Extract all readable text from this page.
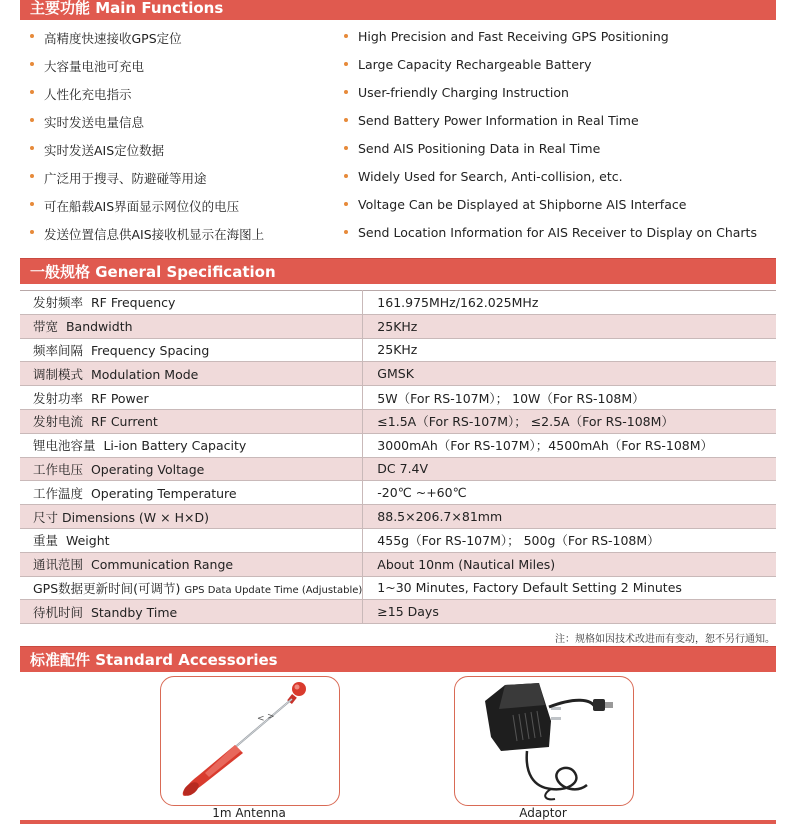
主要功能 Main Functions
高精度快速接收GPS定位	High Precision and Fast Receiving GPS Positioning
大容量电池可充电	Large Capacity Rechargeable Battery
人性化充电指示	User-friendly Charging Instruction
实时发送电量信息	Send Battery Power Information in Real Time
实时发送AIS定位数据	Send AIS Positioning Data in Real Time
广泛用于搜寻、防避碰等用途	Widely Used for Search, Anti-collision, etc.
可在船载AIS界面显示网位仪的电压	Voltage Can be Displayed at Shipborne AIS Interface
发送位置信息供AIS接收机显示在海图上	Send Location Information for AIS Receiver to Display on Charts
一般规格 General Specification
发射频率 RF Frequency	161.975MHz/162.025MHz
带宽 Bandwidth	25KHz
频率间隔 Frequency Spacing	25KHz
调制模式 Modulation Mode	GMSK
发射功率 RF Power	5W（For RS-107M）； 10W（For RS-108M）
发射电流 RF Current	≤1.5A（For RS-107M）； ≤2.5A（For RS-108M）
锂电池容量 Li-ion Battery Capacity	3000mAh（For RS-107M）；4500mAh（For RS-108M）
工作电压 Operating Voltage	DC 7.4V
工作温度 Operating Temperature	-20℃ ~+60℃
尺寸 Dimensions (W × H×D)	88.5×206.7×81mm
重量 Weight	455g（For RS-107M）； 500g（For RS-108M）
通讯范围 Communication Range	About 10nm (Nautical Miles)
GPS数据更新时间(可调节) GPS Data Update Time (Adjustable)	1~30 Minutes, Factory Default Setting 2 Minutes
待机时间 Standby Time	≥15 Days
注：规格如因技术改进而有变动，恕不另行通知。
标准配件 Standard Accessories
< >
1m Antenna	Adaptor
